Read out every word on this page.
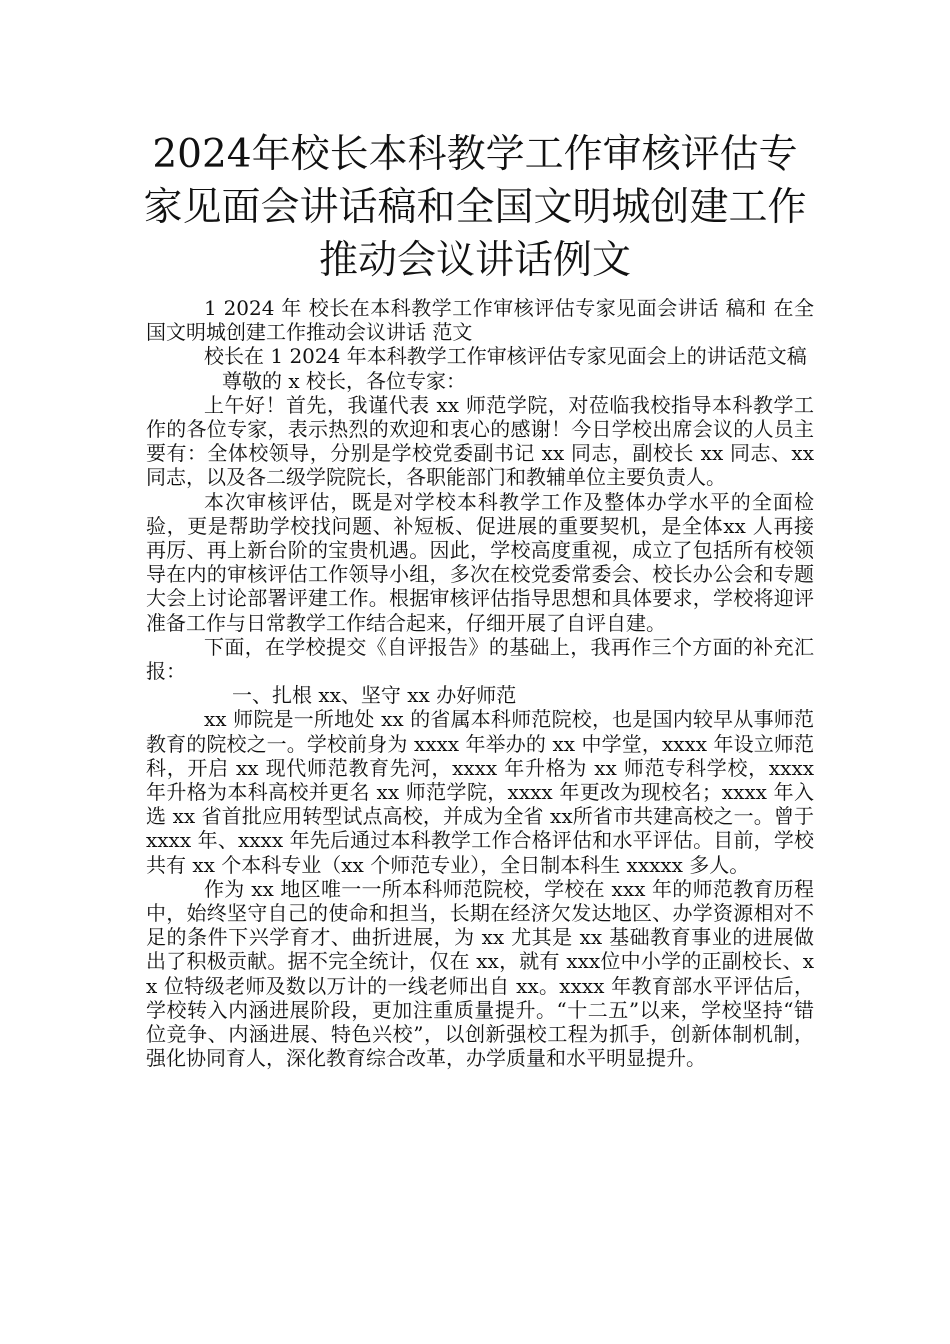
2024年校长本科教学工作审核评估专家见面会讲话稿和全国文明城创建工作推动会议讲话例文

1 2024 年 校长在本科教学工作审核评估专家见面会讲话 稿和 在全国文明城创建工作推动会议讲话 范文

校长在 1 2024 年本科教学工作审核评估专家见面会上的讲话范文稿

尊敬的 x 校长，各位专家：

上午好！首先，我谨代表 xx 师范学院，对莅临我校指导本科教学工作的各位专家，表示热烈的欢迎和衷心的感谢！今日学校出席会议的人员主要有：全体校领导，分别是学校党委副书记 xx 同志，副校长 xx 同志、xx 同志，以及各二级学院院长，各职能部门和教辅单位主要负责人。

本次审核评估，既是对学校本科教学工作及整体办学水平的全面检验，更是帮助学校找问题、补短板、促进展的重要契机，是全体xx 人再接再厉、再上新台阶的宝贵机遇。因此，学校高度重视，成立了包括所有校领导在内的审核评估工作领导小组，多次在校党委常委会、校长办公会和专题大会上讨论部署评建工作。根据审核评估指导思想和具体要求，学校将迎评准备工作与日常教学工作结合起来，仔细开展了自评自建。

下面，在学校提交《自评报告》的基础上，我再作三个方面的补充汇报：

一、扎根 xx、坚守 xx 办好师范

xx 师院是一所地处 xx 的省属本科师范院校，也是国内较早从事师范教育的院校之一。学校前身为 xxxx 年举办的 xx 中学堂，xxxx 年设立师范科，开启 xx 现代师范教育先河，xxxx 年升格为 xx 师范专科学校，xxxx 年升格为本科高校并更名 xx 师范学院，xxxx 年更改为现校名；xxxx 年入选 xx 省首批应用转型试点高校，并成为全省 xx所省市共建高校之一。曾于 xxxx 年、xxxx 年先后通过本科教学工作合格评估和水平评估。目前，学校共有 xx 个本科专业（xx 个师范专业），全日制本科生 xxxxx 多人。

作为 xx 地区唯一一所本科师范院校，学校在 xxx 年的师范教育历程中，始终坚守自己的使命和担当，长期在经济欠发达地区、办学资源相对不足的条件下兴学育才、曲折进展，为 xx 尤其是 xx 基础教育事业的进展做出了积极贡献。据不完全统计，仅在 xx，就有 xxx位中小学的正副校长、xx 位特级老师及数以万计的一线老师出自 xx。xxxx 年教育部水平评估后，学校转入内涵进展阶段，更加注重质量提升。“十二五”以来，学校坚持“错位竞争、内涵进展、特色兴校”，以创新强校工程为抓手，创新体制机制，强化协同育人，深化教育综合改革，办学质量和水平明显提升。
